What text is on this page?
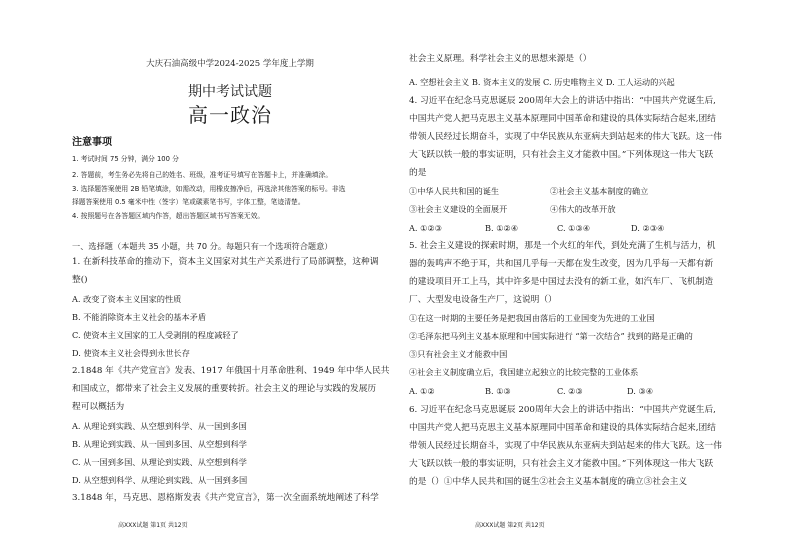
大庆石油高级中学2024-2025 学年度上学期
期中考试试题
高一政治
注意事项
1. 考试时间 75 分钟，满分 100 分
2. 答题前，考生务必先将自己的姓名、班级，准考证号填写在答题卡上，并准确填涂。
3. 选择题答案使用 2B 铅笔填涂，如需改动，用橡皮擦净后，再选涂其他答案的标号。非选
择题答案使用 0.5 毫米中性（签字）笔或碳素笔书写，字体工整，笔迹清楚。
4. 按照题号在各答题区域内作答，超出答题区域书写答案无效。
一、选择题（本题共 35 小题，共 70 分。每题只有一个选项符合题意）
1. 在新科技革命的推动下，资本主义国家对其生产关系进行了局部调整，这种调
整()
A. 改变了资本主义国家的性质
B. 不能消除资本主义社会的基本矛盾
C. 使资本主义国家的工人受剥削的程度减轻了
D. 使资本主义社会得到永世长存
2.1848 年《共产党宣言》发表、1917 年俄国十月革命胜利、1949 年中华人民共
和国成立，都带来了社会主义发展的重要转折。社会主义的理论与实践的发展历
程可以概括为
A. 从理论到实践、从空想到科学、从一国到多国
B. 从理论到实践、从一国到多国、从空想到科学
C. 从一国到多国、从理论到实践、从空想到科学
D. 从空想到科学、从理论到实践、从一国到多国
3.1848 年，马克思、恩格斯发表《共产党宣言》，第一次全面系统地阐述了科学
高XXX试题 第1页 共12页
社会主义原理。科学社会主义的思想来源是（）
A. 空想社会主义 B. 资本主义的发展 C. 历史唯物主义 D. 工人运动的兴起
4. 习近平在纪念马克思诞辰 200周年大会上的讲话中指出：“中国共产党诞生后,
中国共产党人把马克思主义基本原理同中国革命和建设的具体实际结合起来,团结
带领人民经过长期奋斗，实现了中华民族从东亚病夫到站起来的伟大飞跃。这一伟
大飞跃以铁一般的事实证明，只有社会主义才能救中国。”下列体现这一伟大飞跃
的是
①中华人民共和国的诞生	②社会主义基本制度的确立
③社会主义建设的全面展开	④伟大的改革开放
A. ①②③	B. ①②④	C. ①③④	D. ②③④
5. 社会主义建设的探索时期，那是一个火红的年代，到处充满了生机与活力，机
器的轰鸣声不绝于耳，共和国几乎每一天都在发生改变，因为几乎每一天都有新
的建设项目开工上马，其中许多是中国过去没有的新工业，如汽车厂、飞机制造
厂、大型发电设备生产厂，这说明（）
①在这一时期的主要任务是把我国由落后的工业国变为先进的工业国
②毛泽东把马列主义基本原理和中国实际进行 “第一次结合” 找到的路是正确的
③只有社会主义才能救中国
④社会主义制度确立后，我国建立起独立的比较完整的工业体系
A. ①②	B. ①③	C. ②③	D. ③④
6. 习近平在纪念马克思诞辰 200周年大会上的讲话中指出：“中国共产党诞生后,
中国共产党人把马克思主义基本原理同中国革命和建设的具体实际结合起来,团结
带领人民经过长期奋斗，实现了中华民族从东亚病夫到站起来的伟大飞跃。这一伟
大飞跃以铁一般的事实证明，只有社会主义才能救中国。”下列体现这一伟大飞跃
的是（）①中华人民共和国的诞生②社会主义基本制度的确立③社会主义
高XXX试题 第2页 共12页
